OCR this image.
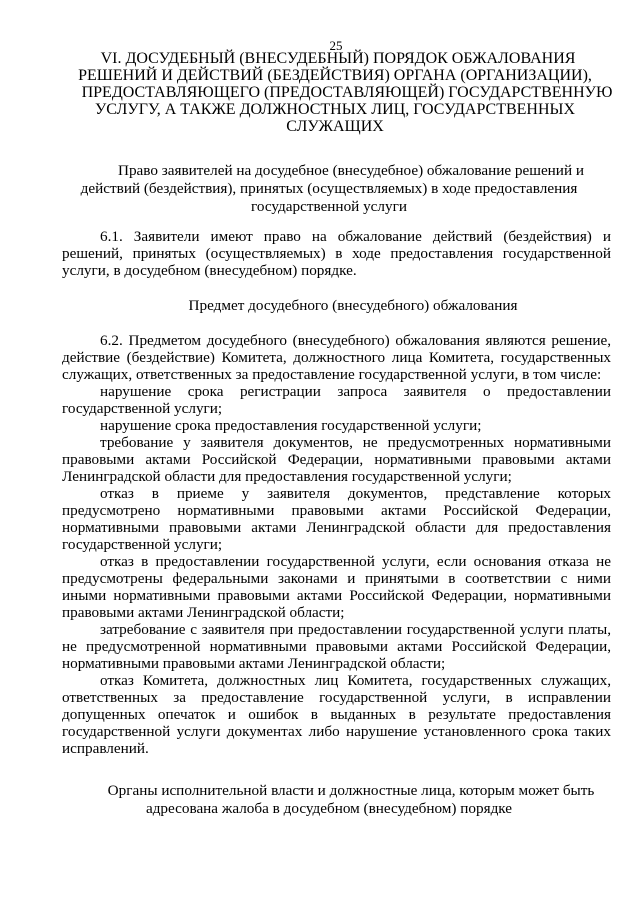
25
VI. ДОСУДЕБНЫЙ (ВНЕСУДЕБНЫЙ) ПОРЯДОК ОБЖАЛОВАНИЯ
РЕШЕНИЙ И ДЕЙСТВИЙ (БЕЗДЕЙСТВИЯ) ОРГАНА (ОРГАНИЗАЦИИ),
ПРЕДОСТАВЛЯЮЩЕГО (ПРЕДОСТАВЛЯЮЩЕЙ) ГОСУДАРСТВЕННУЮ
УСЛУГУ, А ТАКЖЕ ДОЛЖНОСТНЫХ ЛИЦ, ГОСУДАРСТВЕННЫХ
СЛУЖАЩИХ
Право заявителей на досудебное (внесудебное) обжалование решений и
действий (бездействия), принятых (осуществляемых) в ходе предоставления
государственной услуги

6.1. Заявители имеют право на обжалование действий (бездействия) и решений, принятых (осуществляемых) в ходе предоставления государственной услуги, в досудебном (внесудебном) порядке.

Предмет досудебного (внесудебного) обжалования

6.2. Предметом досудебного (внесудебного) обжалования являются решение, действие (бездействие) Комитета, должностного лица Комитета, государственных служащих, ответственных за предоставление государственной услуги, в том числе:

нарушение срока регистрации запроса заявителя о предоставлении государственной услуги;

нарушение срока предоставления государственной услуги;

требование у заявителя документов, не предусмотренных нормативными правовыми актами Российской Федерации, нормативными правовыми актами Ленинградской области для предоставления государственной услуги;

отказ в приеме у заявителя документов, представление которых предусмотрено нормативными правовыми актами Российской Федерации, нормативными правовыми актами Ленинградской области для предоставления государственной услуги;

отказ в предоставлении государственной услуги, если основания отказа не предусмотрены федеральными законами и принятыми в соответствии с ними иными нормативными правовыми актами Российской Федерации, нормативными правовыми актами Ленинградской области;

затребование с заявителя при предоставлении государственной услуги платы, не предусмотренной нормативными правовыми актами Российской Федерации, нормативными правовыми актами Ленинградской области;

отказ Комитета, должностных лиц Комитета, государственных служащих, ответственных за предоставление государственной услуги, в исправлении допущенных опечаток и ошибок в выданных в результате предоставления государственной услуги документах либо нарушение установленного срока таких исправлений.

Органы исполнительной власти и должностные лица, которым может быть
адресована жалоба в досудебном (внесудебном) порядке
